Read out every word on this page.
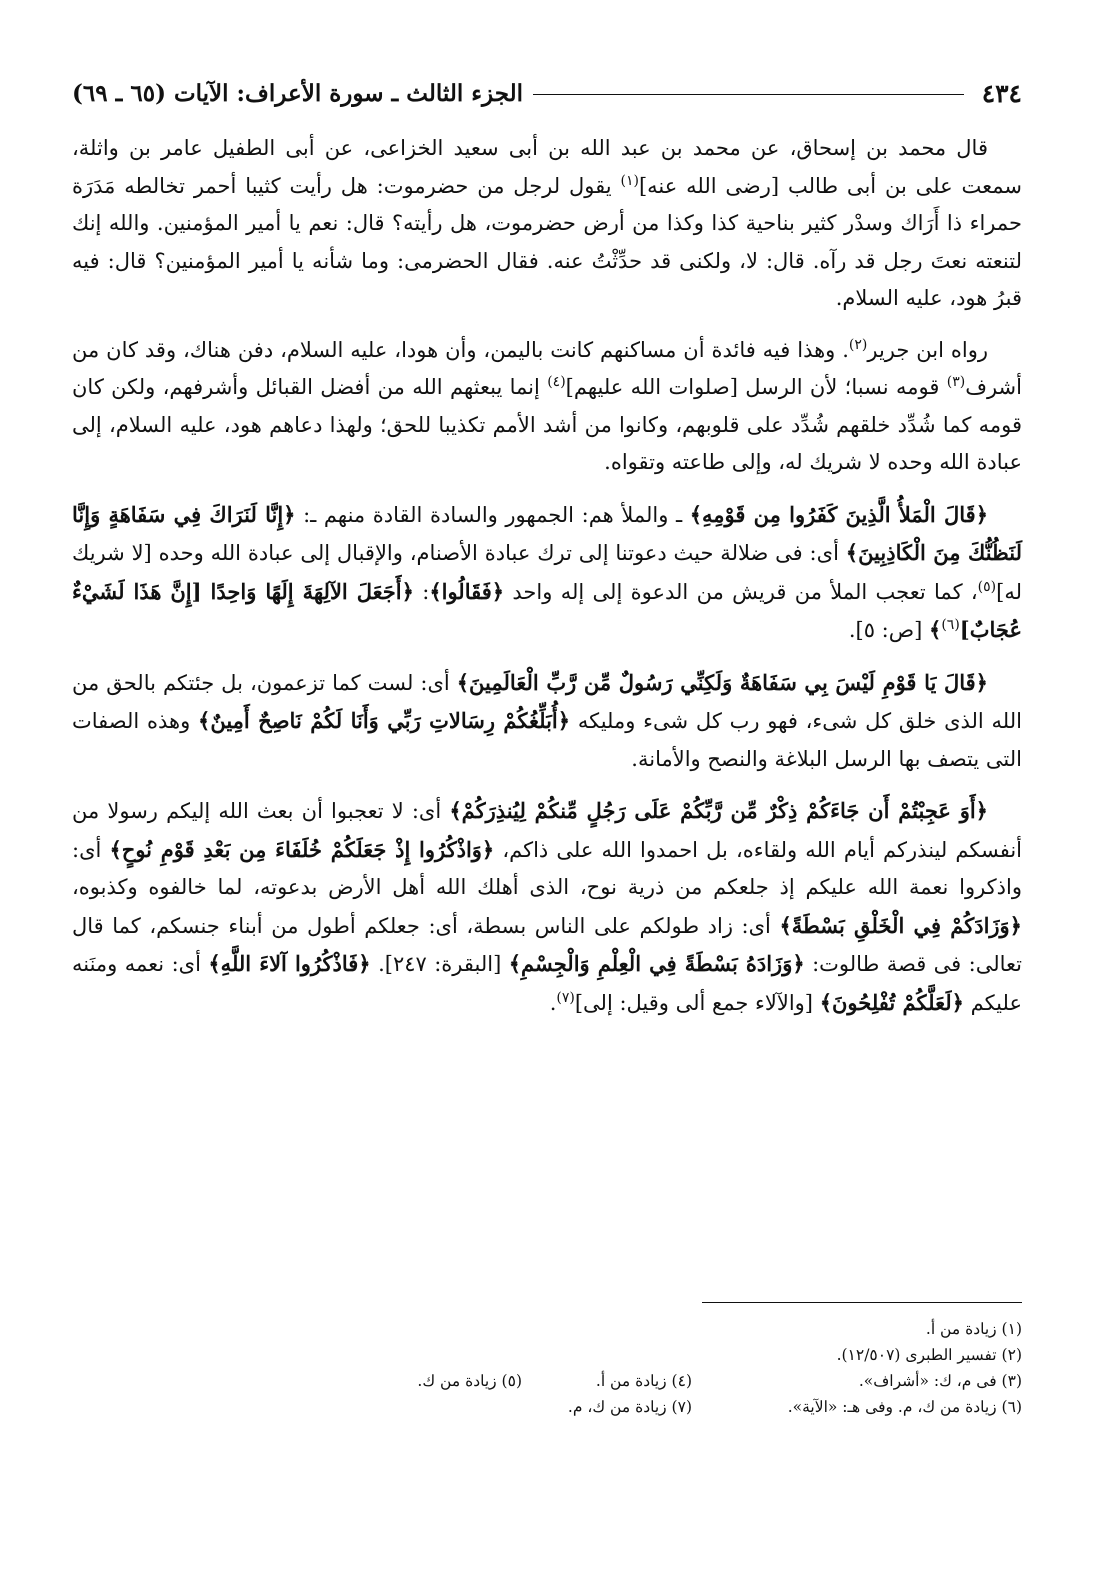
٤٣٤
الجزء الثالث ـ سورة الأعراف: الآيات (٦٥ ـ ٦٩)

قال محمد بن إسحاق، عن محمد بن عبد الله بن أبى سعيد الخزاعى، عن أبى الطفيل عامر بن واثلة، سمعت على بن أبى طالب [رضى الله عنه]$^{(١)}$ يقول لرجل من حضرموت: هل رأيت كثيبا أحمر تخالطه مَدَرَة حمراء ذا أَرَاك وسدْر كثير بناحية كذا وكذا من أرض حضرموت، هل رأيته؟ قال: نعم يا أمير المؤمنين. والله إنك لتنعته نعتَ رجل قد رآه. قال: لا، ولكنى قد حدِّثْتُ عنه. فقال الحضرمى: وما شأنه يا أمير المؤمنين؟ قال: فيه قبرُ هود، عليه السلام.

رواه ابن جرير$^{(٢)}$. وهذا فيه فائدة أن مساكنهم كانت باليمن، وأن هودا، عليه السلام، دفن هناك، وقد كان من أشرف$^{(٣)}$ قومه نسبا؛ لأن الرسل [صلوات الله عليهم]$^{(٤)}$ إنما يبعثهم الله من أفضل القبائل وأشرفهم، ولكن كان قومه كما شُدِّد خلقهم شُدِّد على قلوبهم، وكانوا من أشد الأمم تكذيبا للحق؛ ولهذا دعاهم هود، عليه السلام، إلى عبادة الله وحده لا شريك له، وإلى طاعته وتقواه.

﴿قَالَ الْمَلأُ الَّذِينَ كَفَرُوا مِن قَوْمِهِ﴾ ـ والملأ هم: الجمهور والسادة القادة منهم ـ: ﴿إِنَّا لَنَرَاكَ فِي سَفَاهَةٍ وَإِنَّا لَنَظُنُّكَ مِنَ الْكَاذِبِينَ﴾ أى: فى ضلالة حيث دعوتنا إلى ترك عبادة الأصنام، والإقبال إلى عبادة الله وحده [لا شريك له]$^{(٥)}$، كما تعجب الملأ من قريش من الدعوة إلى إله واحد ﴿فَقَالُوا﴾: ﴿أَجَعَلَ الآلِهَةَ إِلَهًا وَاحِدًا [إِنَّ هَذَا لَشَيْءٌ عُجَابٌ]$^{(٦)}$﴾ [ص: ٥].

﴿قَالَ يَا قَوْمِ لَيْسَ بِي سَفَاهَةٌ وَلَكِنِّي رَسُولٌ مِّن رَّبِّ الْعَالَمِينَ﴾ أى: لست كما تزعمون، بل جئتكم بالحق من الله الذى خلق كل شىء، فهو رب كل شىء ومليكه ﴿أُبَلِّغُكُمْ رِسَالاتِ رَبِّي وَأَنَا لَكُمْ نَاصِحٌ أَمِينٌ﴾ وهذه الصفات التى يتصف بها الرسل البلاغة والنصح والأمانة.

﴿أَوَ عَجِبْتُمْ أَن جَاءَكُمْ ذِكْرٌ مِّن رَّبِّكُمْ عَلَى رَجُلٍ مِّنكُمْ لِيُنذِرَكُمْ﴾ أى: لا تعجبوا أن بعث الله إليكم رسولا من أنفسكم لينذركم أيام الله ولقاءه، بل احمدوا الله على ذاكم، ﴿وَاذْكُرُوا إِذْ جَعَلَكُمْ خُلَفَاءَ مِن بَعْدِ قَوْمِ نُوحٍ﴾ أى: واذكروا نعمة الله عليكم إذ جلعكم من ذرية نوح، الذى أهلك الله أهل الأرض بدعوته، لما خالفوه وكذبوه، ﴿وَزَادَكُمْ فِي الْخَلْقِ بَسْطَةً﴾ أى: زاد طولكم على الناس بسطة، أى: جعلكم أطول من أبناء جنسكم، كما قال تعالى: فى قصة طالوت: ﴿وَزَادَهُ بَسْطَةً فِي الْعِلْمِ وَالْجِسْمِ﴾ [البقرة: ٢٤٧]. ﴿فَاذْكُرُوا آلاءَ اللَّهِ﴾ أى: نعمه ومنَنه عليكم ﴿لَعَلَّكُمْ تُفْلِحُونَ﴾ [والآلاء جمع ألى وقيل: إلى]$^{(٧)}$.

(١) زيادة من أ.
(٢) تفسير الطبرى (١٢/٥٠٧).
(٣) فى م، ك: «أشراف».
(٤) زيادة من أ.
(٥) زيادة من ك.
(٦) زيادة من ك، م. وفى هـ: «الآية».
(٧) زيادة من ك، م.
